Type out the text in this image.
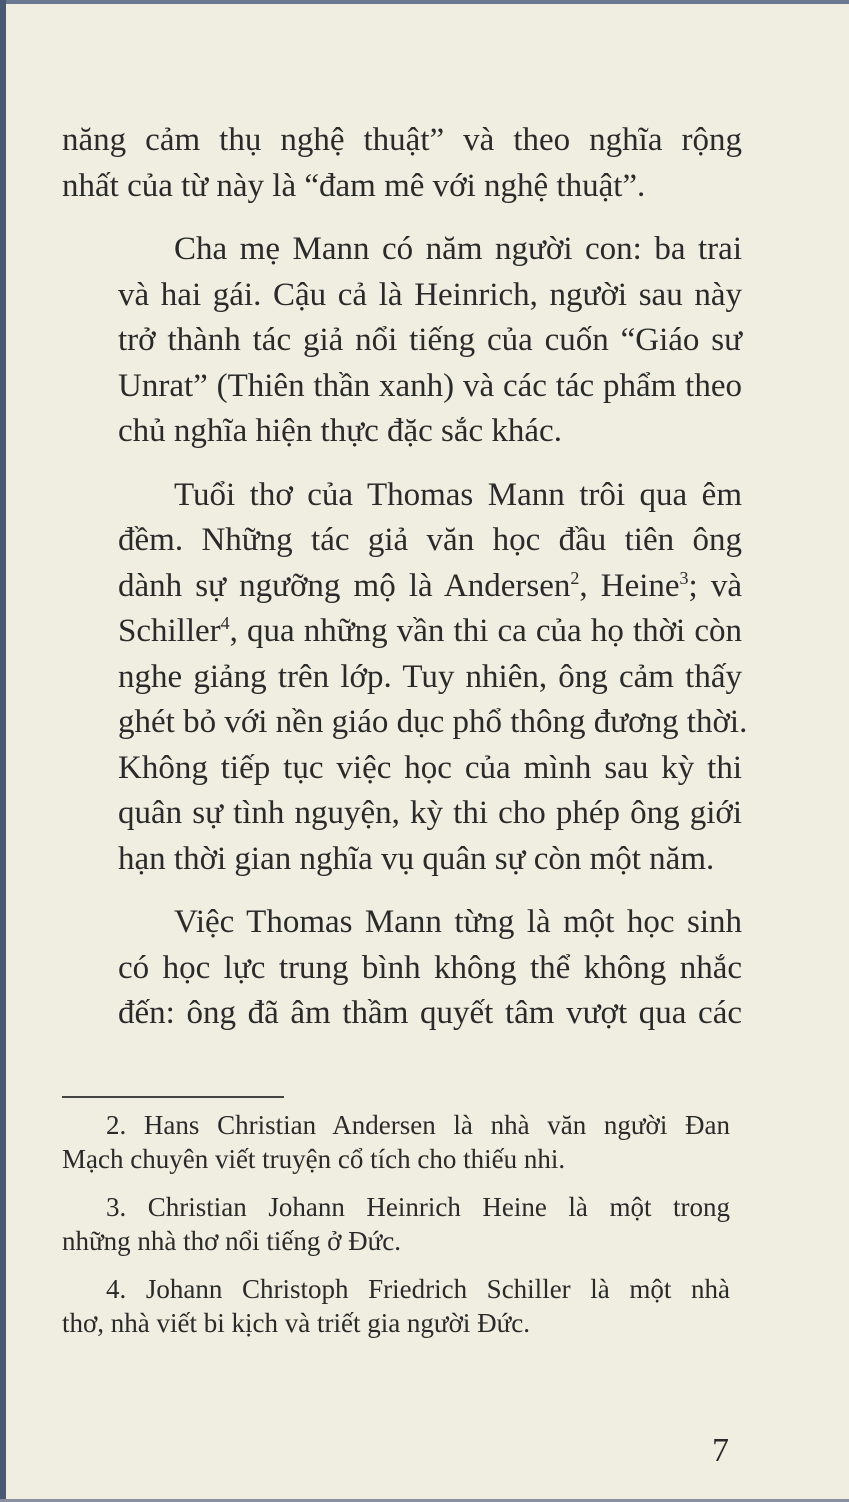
năng cảm thụ nghệ thuật” và theo nghĩa rộng
nhất của từ này là “đam mê với nghệ thuật”.
Cha mẹ Mann có năm người con: ba trai
và hai gái. Cậu cả là Heinrich, người sau này
trở thành tác giả nổi tiếng của cuốn “Giáo sư
Unrat” (Thiên thần xanh) và các tác phẩm theo
chủ nghĩa hiện thực đặc sắc khác.
Tuổi thơ của Thomas Mann trôi qua êm
đềm. Những tác giả văn học đầu tiên ông
dành sự ngưỡng mộ là Andersen$^2$, Heine$^3$; và
Schiller$^4$, qua những vần thi ca của họ thời còn
nghe giảng trên lớp. Tuy nhiên, ông cảm thấy
ghét bỏ với nền giáo dục phổ thông đương thời.
Không tiếp tục việc học của mình sau kỳ thi
quân sự tình nguyện, kỳ thi cho phép ông giới
hạn thời gian nghĩa vụ quân sự còn một năm.
Việc Thomas Mann từng là một học sinh
có học lực trung bình không thể không nhắc
đến: ông đã âm thầm quyết tâm vượt qua các
2. Hans Christian Andersen là nhà văn người Đan
Mạch chuyên viết truyện cổ tích cho thiếu nhi.
3. Christian Johann Heinrich Heine là một trong
những nhà thơ nổi tiếng ở Đức.
4. Johann Christoph Friedrich Schiller là một nhà
thơ, nhà viết bi kịch và triết gia người Đức.
7
